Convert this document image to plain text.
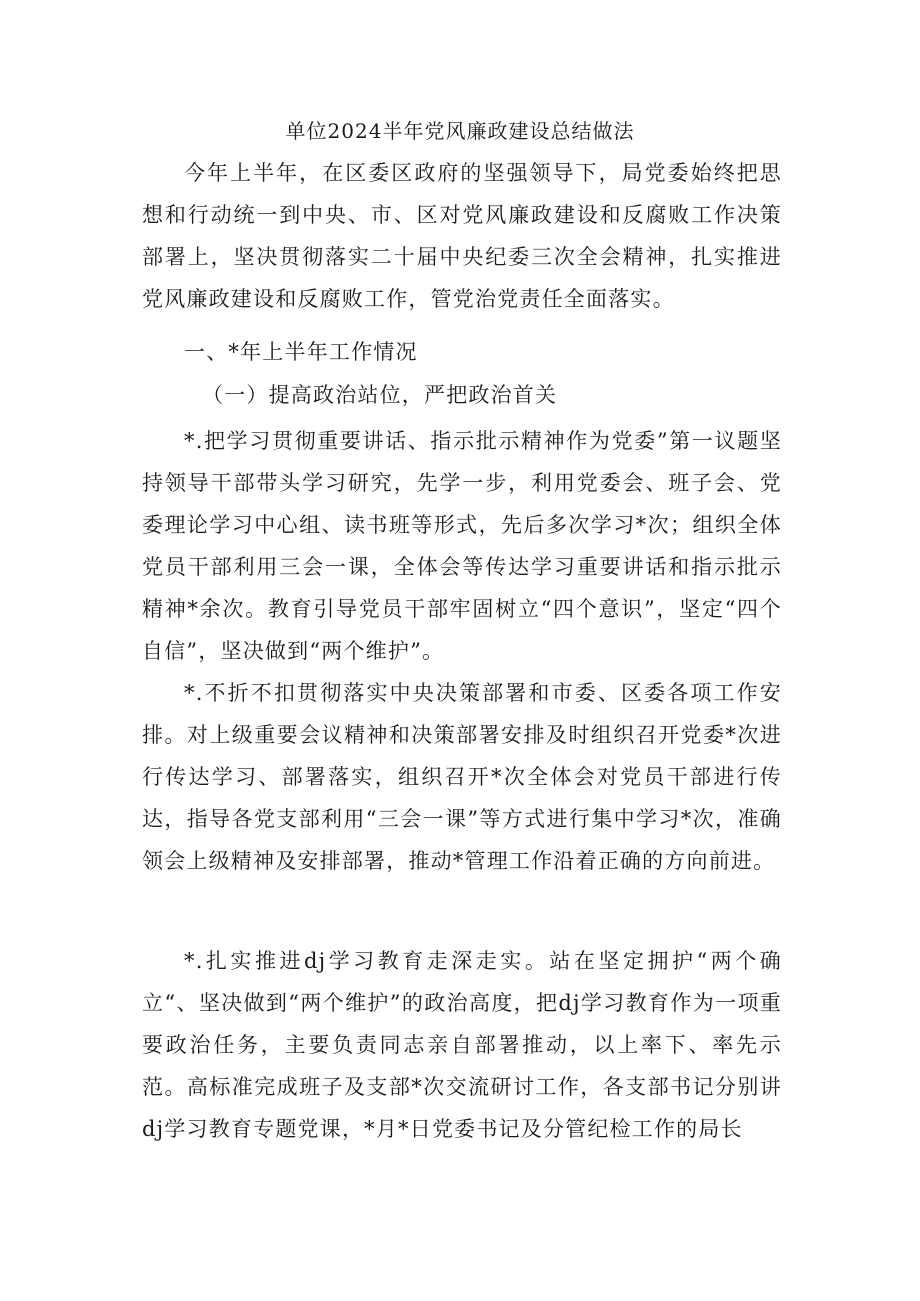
单位2024半年党风廉政建设总结做法

今年上半年，在区委区政府的坚强领导下，局党委始终把思想和行动统一到中央、市、区对党风廉政建设和反腐败工作决策部署上，坚决贯彻落实二十届中央纪委三次全会精神，扎实推进党风廉政建设和反腐败工作，管党治党责任全面落实。

一、*年上半年工作情况

（一）提高政治站位，严把政治首关

*.把学习贯彻重要讲话、指示批示精神作为党委”第一议题坚持领导干部带头学习研究，先学一步，利用党委会、班子会、党委理论学习中心组、读书班等形式，先后多次学习*次；组织全体党员干部利用三会一课，全体会等传达学习重要讲话和指示批示精神*余次。教育引导党员干部牢固树立“四个意识”，坚定“四个自信”，坚决做到“两个维护”。

*.不折不扣贯彻落实中央决策部署和市委、区委各项工作安排。对上级重要会议精神和决策部署安排及时组织召开党委*次进行传达学习、部署落实，组织召开*次全体会对党员干部进行传达，指导各党支部利用“三会一课”等方式进行集中学习*次，准确领会上级精神及安排部署，推动*管理工作沿着正确的方向前进。

*.扎实推进dj学习教育走深走实。站在坚定拥护“两个确立“、坚决做到“两个维护”的政治高度，把dj学习教育作为一项重要政治任务，主要负责同志亲自部署推动，以上率下、率先示范。高标准完成班子及支部*次交流研讨工作，各支部书记分别讲dj学习教育专题党课，*月*日党委书记及分管纪检工作的局长
